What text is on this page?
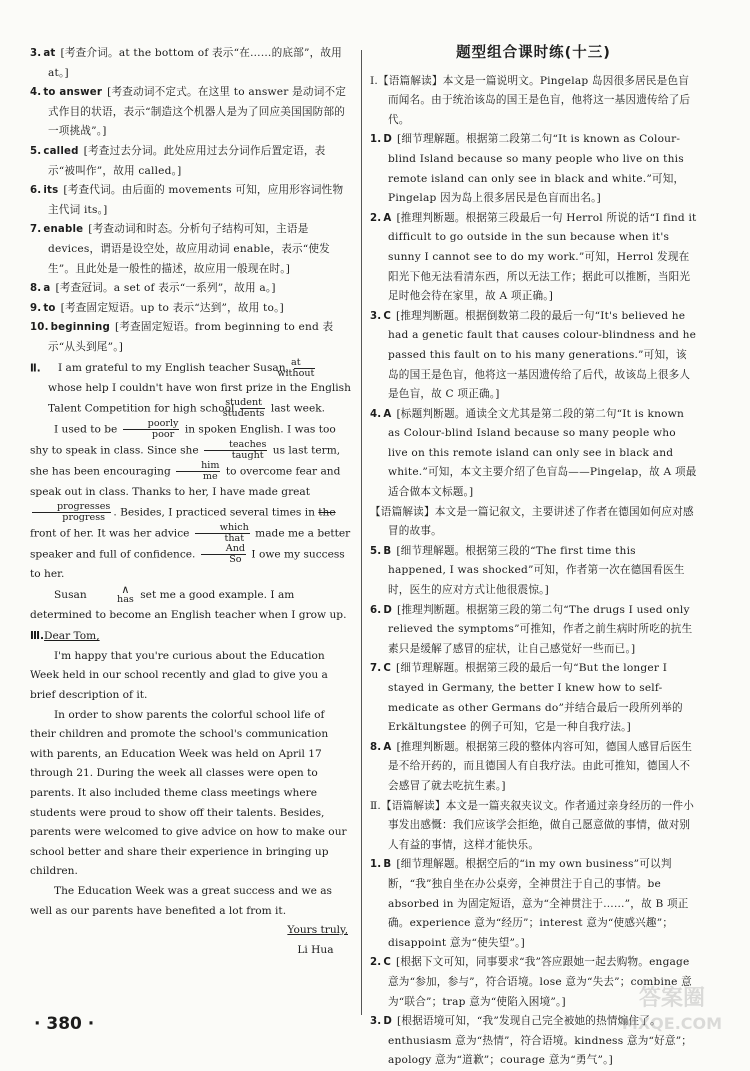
3. at [考查介词。at the bottom of 表示“在……的底部”，故用 at。]

4. to answer [考查动词不定式。在这里 to answer 是动词不定式作目的状语，表示“制造这个机器人是为了回应美国国防部的一项挑战”。]

5. called [考查过去分词。此处应用过去分词作后置定语，表示“被叫作”，故用 called。]

6. its [考查代词。由后面的 movements 可知，应用形容词性物主代词 its。]

7. enable [考查动词和时态。分析句子结构可知，主语是 devices，谓语是设空处，故应用动词 enable，表示“使发生”。且此处是一般性的描述，故应用一般现在时。]

8. a [考查冠词。a set of 表示“一系列”，故用 a。]

9. to [考查固定短语。up to 表示“达到”，故用 to。]

10. beginning [考查固定短语。from beginning to end 表示“从头到尾”。]

Ⅱ. I am grateful to my English teacher Susan, at
without
whose help I couldn't have won first prize in the English Talent Competition for high school
student
students last week.

I used to be	poorly
poor	in spoken English. I was too shy to speak in class. Since she	teaches
taught us last term, she has been encouraging	him
me to overcome fear and speak out in class. Thanks to her, I have made great
progresses
progress . Besides, I practiced several times in the front of her. It was her advice	which
that	made me a better speaker and full of confidence.	And
So I owe my success to her.

Susan	∧
has set me a good example. I am determined to become an English teacher when I grow up.

Ⅲ.Dear Tom,

I'm happy that you're curious about the Education Week held in our school recently and glad to give you a brief description of it.

In order to show parents the colorful school life of their children and promote the school's communication with parents, an Education Week was held on April 17 through 21. During the week all classes were open to parents. It also included theme class meetings where students were proud to show off their talents. Besides, parents were welcomed to give advice on how to make our school better and share their experience in bringing up children.

The Education Week was a great success and we as well as our parents have benefited a lot from it.

Yours truly,
Li Hua
题型组合课时练(十三)

Ⅰ.【语篇解读】本文是一篇说明文。Pingelap 岛因很多居民是色盲而闻名。由于统治该岛的国王是色盲，他将这一基因遗传给了后代。

1. D [细节理解题。根据第二段第二句“It is known as Colour-blind Island because so many people who live on this remote island can only see in black and white.”可知，Pingelap 因为岛上很多居民是色盲而出名。]

2. A [推理判断题。根据第三段最后一句 Herrol 所说的话“I find it difficult to go outside in the sun because when it's sunny I cannot see to do my work.”可知，Herrol 发现在阳光下他无法看清东西，所以无法工作；据此可以推断，当阳光足时他会待在家里，故 A 项正确。]

3. C [推理判断题。根据倒数第二段的最后一句“It's believed he had a genetic fault that causes colour-blindness and he passed this fault on to his many generations.”可知，该岛的国王是色盲，他将这一基因遗传给了后代，故该岛上很多人是色盲，故 C 项正确。]

4. A [标题判断题。通读全文尤其是第二段的第二句“It is known as Colour-blind Island because so many people who live on this remote island can only see in black and white.”可知，本文主要介绍了色盲岛——Pingelap，故 A 项最适合做本文标题。]

【语篇解读】本文是一篇记叙文，主要讲述了作者在德国如何应对感冒的故事。

5. B [细节理解题。根据第三段的“The first time this happened, I was shocked”可知，作者第一次在德国看医生时，医生的应对方式让他很震惊。]

6. D [推理判断题。根据第三段的第二句“The drugs I used only relieved the symptoms”可推知，作者之前生病时所吃的抗生素只是缓解了感冒的症状，让自己感觉好一些而已。]

7. C [细节理解题。根据第三段的最后一句“But the longer I stayed in Germany, the better I knew how to self-medicate as other Germans do”并结合最后一段所列举的 Erkältungstee 的例子可知，它是一种自我疗法。]

8. A [推理判断题。根据第三段的整体内容可知，德国人感冒后医生是不给开药的，而且德国人有自我疗法。由此可推知，德国人不会感冒了就去吃抗生素。]

Ⅱ.【语篇解读】本文是一篇夹叙夹议文。作者通过亲身经历的一件小事发出感慨：我们应该学会拒绝，做自己愿意做的事情，做对别人有益的事情，这样才能快乐。

1. B [细节理解题。根据空后的“in my own business”可以判断，“我”独自坐在办公桌旁，全神贯注于自己的事情。be absorbed in 为固定短语，意为“全神贯注于……”，故 B 项正确。experience 意为“经历”；interest 意为“使感兴趣”；disappoint 意为“使失望”。]

2. C [根据下文可知，同事要求“我”答应跟她一起去购物。engage 意为“参加，参与”，符合语境。lose 意为“失去”；combine 意为“联合”；trap 意为“使陷入困境”。]

3. D [根据语境可知，“我”发现自己完全被她的热情煽住了。enthusiasm 意为“热情”，符合语境。kindness 意为“好意”；apology 意为“道歉”；courage 意为“勇气”。]

· 380 ·
答案圈
MXQE.COM
